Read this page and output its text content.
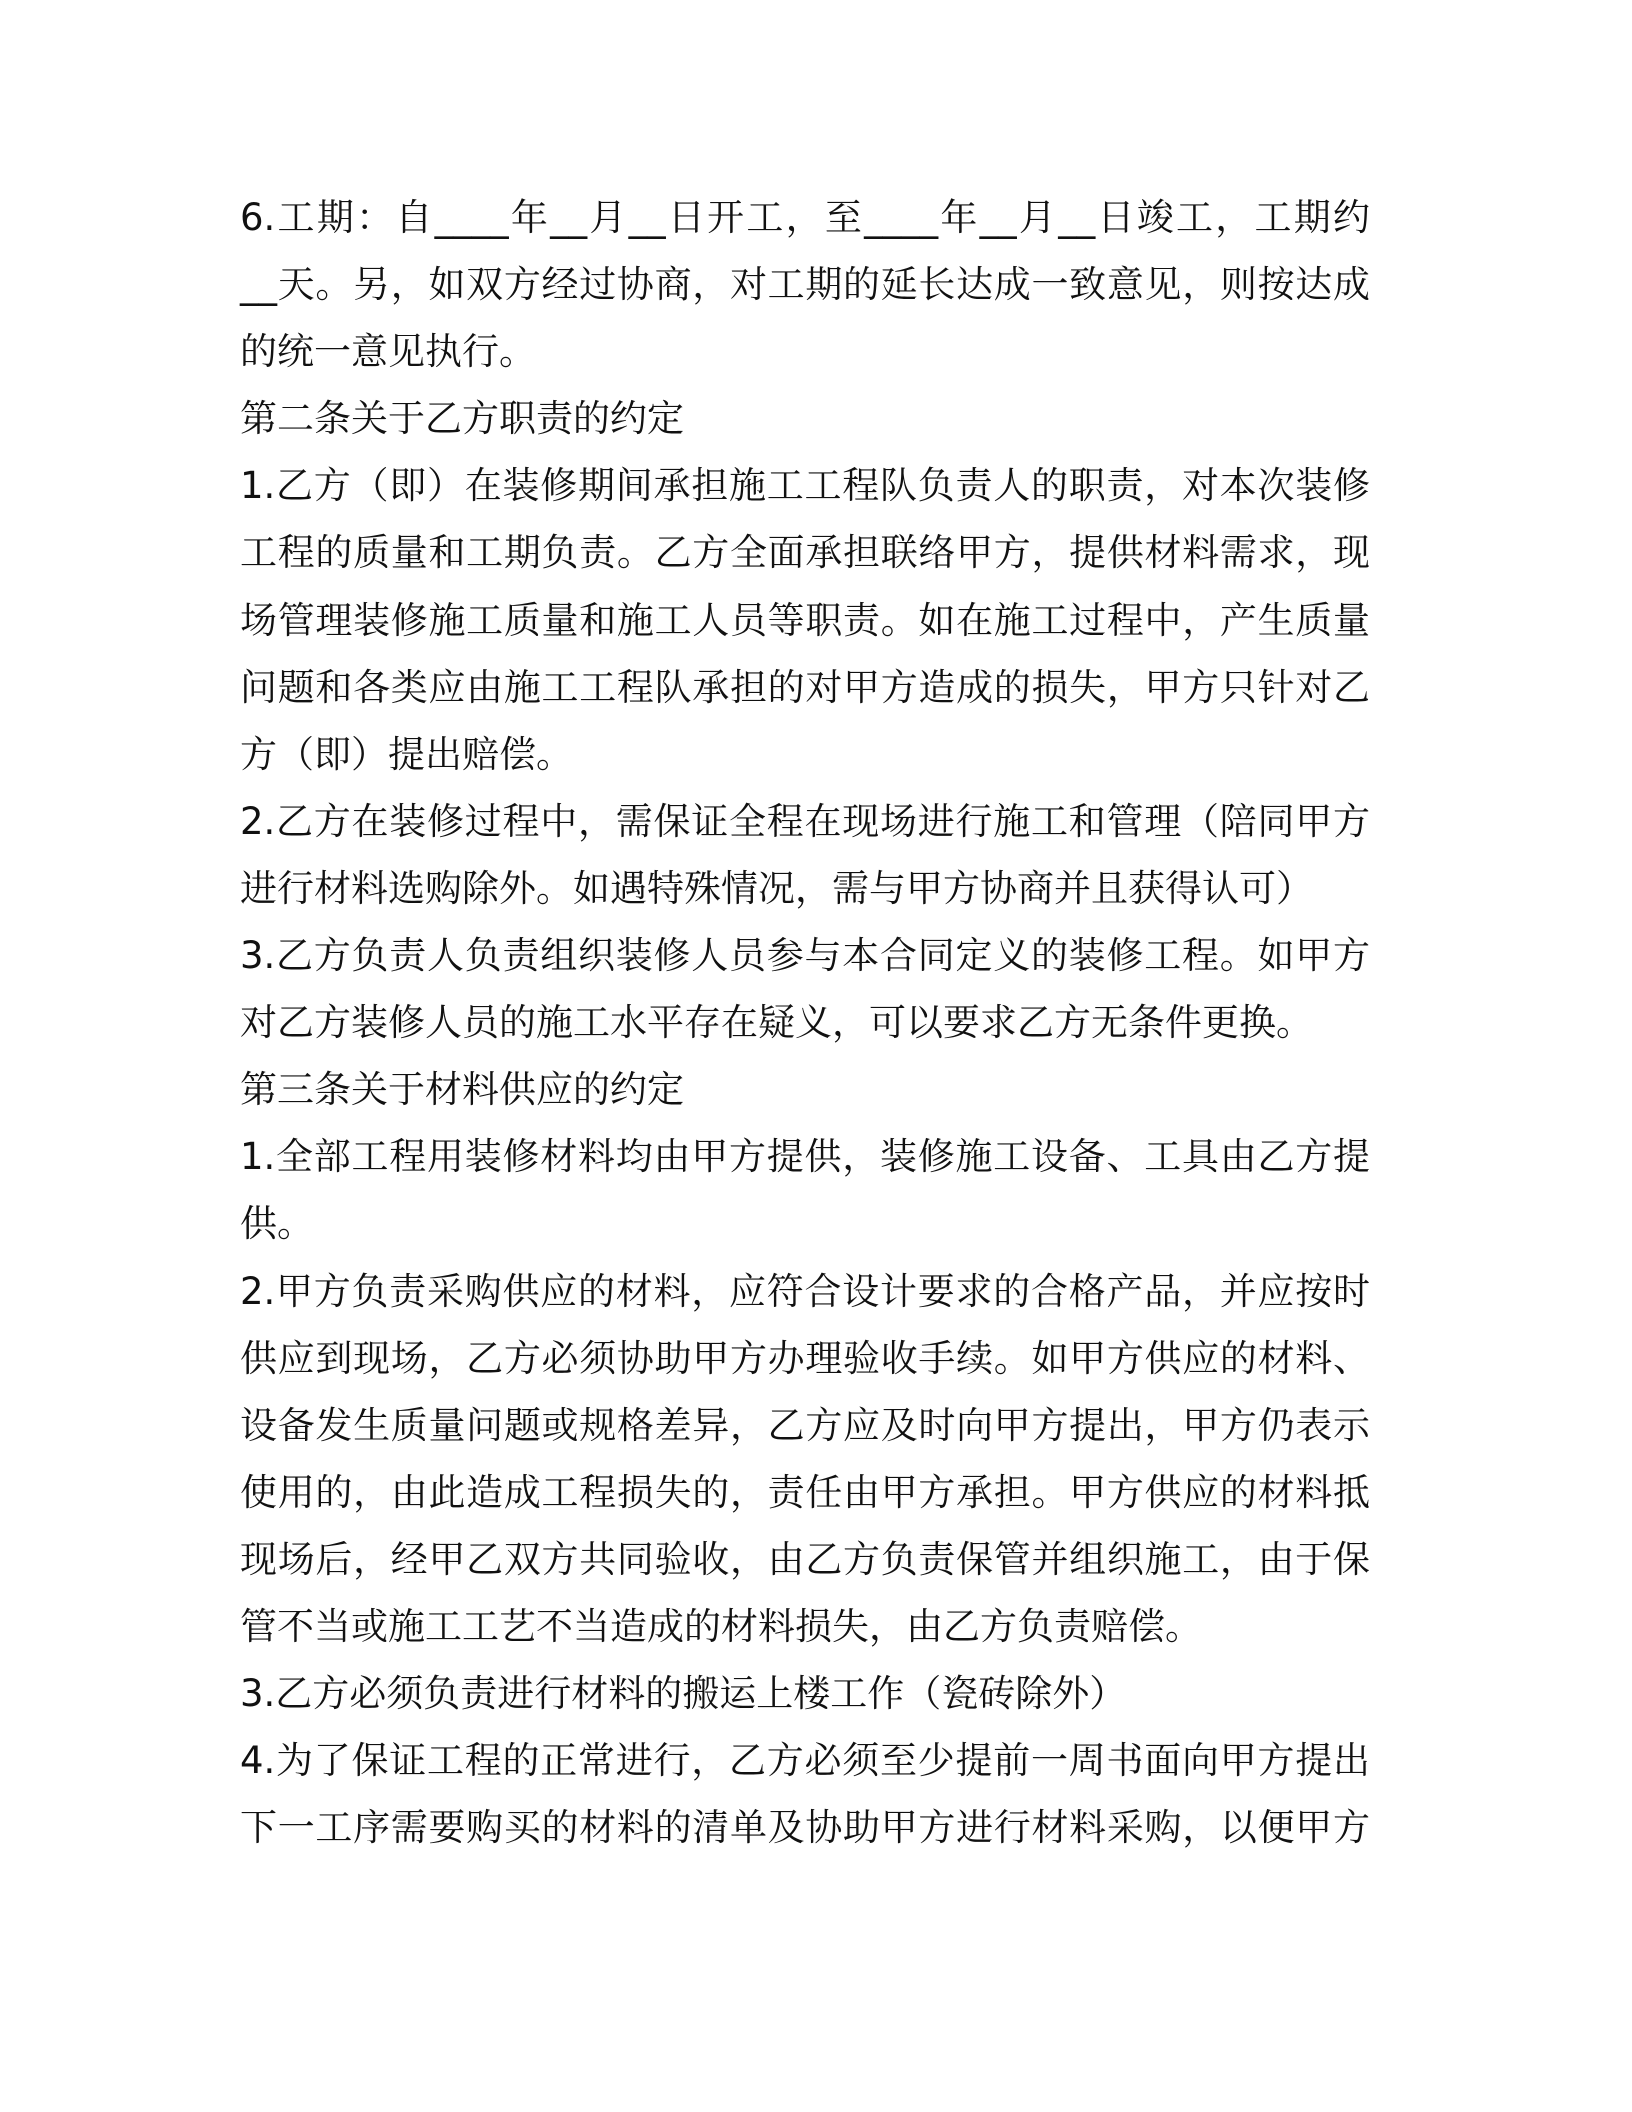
6.工期：自____年__月__日开工，至____年__月__日竣工，工期约
__天。另，如双方经过协商，对工期的延长达成一致意见，则按达成
的统一意见执行。
第二条关于乙方职责的约定
1.乙方（即）在装修期间承担施工工程队负责人的职责，对本次装修
工程的质量和工期负责。乙方全面承担联络甲方，提供材料需求，现
场管理装修施工质量和施工人员等职责。如在施工过程中，产生质量
问题和各类应由施工工程队承担的对甲方造成的损失，甲方只针对乙
方（即）提出赔偿。
2.乙方在装修过程中，需保证全程在现场进行施工和管理（陪同甲方
进行材料选购除外。如遇特殊情况，需与甲方协商并且获得认可）
3.乙方负责人负责组织装修人员参与本合同定义的装修工程。如甲方
对乙方装修人员的施工水平存在疑义，可以要求乙方无条件更换。
第三条关于材料供应的约定
1.全部工程用装修材料均由甲方提供，装修施工设备、工具由乙方提
供。
2.甲方负责采购供应的材料，应符合设计要求的合格产品，并应按时
供应到现场，乙方必须协助甲方办理验收手续。如甲方供应的材料、
设备发生质量问题或规格差异，乙方应及时向甲方提出，甲方仍表示
使用的，由此造成工程损失的，责任由甲方承担。甲方供应的材料抵
现场后，经甲乙双方共同验收，由乙方负责保管并组织施工，由于保
管不当或施工工艺不当造成的材料损失，由乙方负责赔偿。
3.乙方必须负责进行材料的搬运上楼工作（瓷砖除外）
4.为了保证工程的正常进行，乙方必须至少提前一周书面向甲方提出
下一工序需要购买的材料的清单及协助甲方进行材料采购，以便甲方
